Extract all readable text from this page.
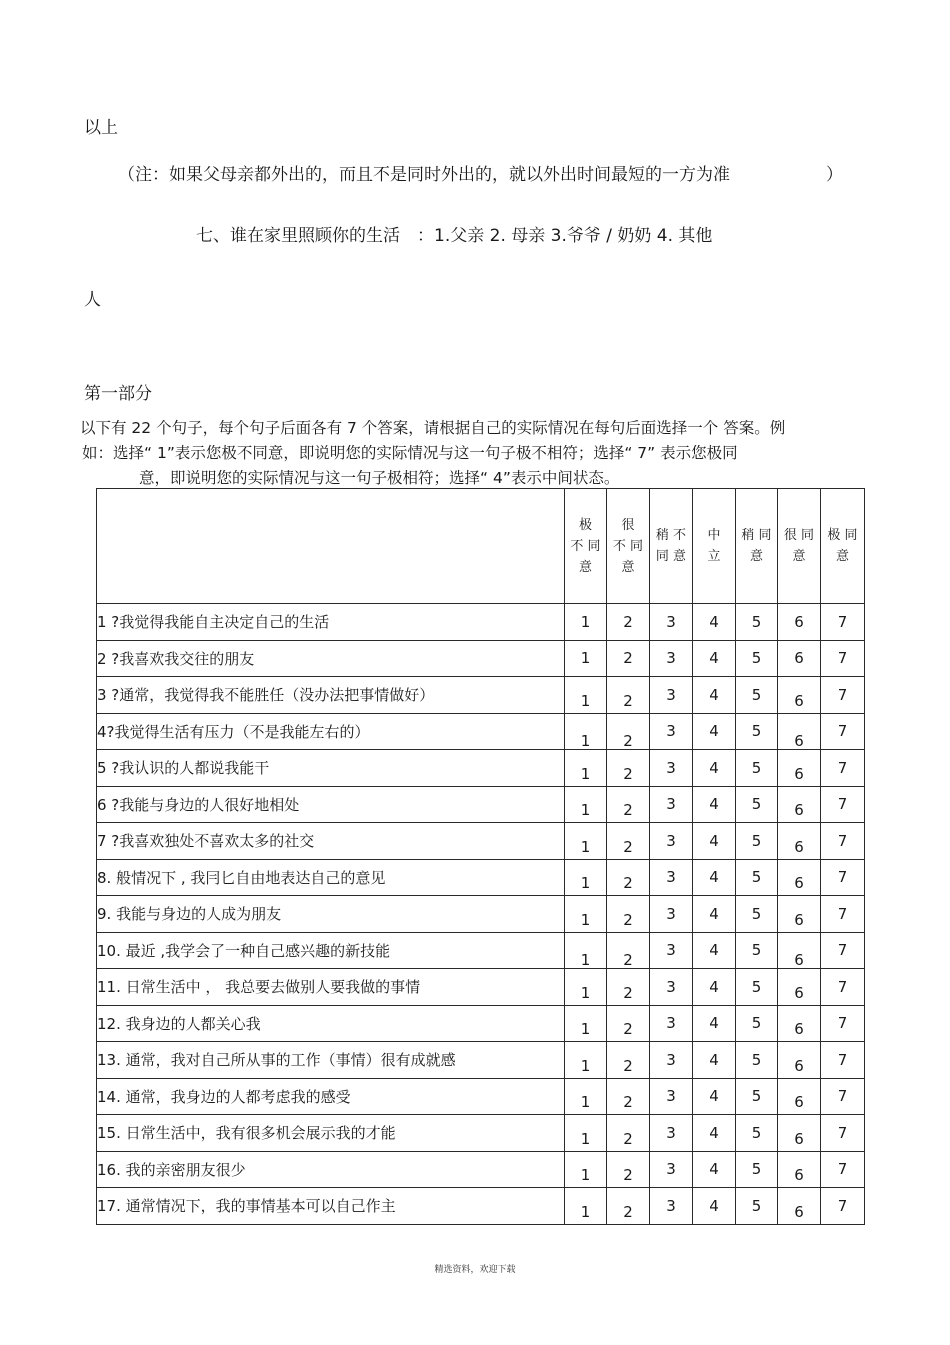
以上
（注：如果父母亲都外出的，而且不是同时外出的，就以外出时间最短的一方为准	）
七、谁在家里照顾你的生活　：1.父亲 2. 母亲 3.爷爷 / 奶奶 4. 其他
人
第一部分
以下有 22 个句子，每个句子后面各有 7 个答案，请根据自己的实际情况在每句后面选择一个 答案。例
如：选择“ 1”表示您极不同意，即说明您的实际情况与这一句子极不相符；选择“ 7” 表示您极同
意，即说明您的实际情况与这一句子极相符；选择“ 4”表示中间状态。
	极
不 同
意	很
不 同
意	稍 不
同 意	中
立	稍 同
意	很 同
意	极 同
意
1 ?我觉得我能自主决定自己的生活	1	2	3	4	5	6	7
2 ?我喜欢我交往的朋友	1	2	3	4	5	6	7
3 ?通常，我觉得我不能胜任（没办法把事情做好）	1	2	3	4	5	6	7
4?我觉得生活有压力（不是我能左右的）	1	2	3	4	5	6	7
5 ?我认识的人都说我能干	1	2	3	4	5	6	7
6 ?我能与身边的人很好地相处	1	2	3	4	5	6	7
7 ?我喜欢独处不喜欢太多的社交	1	2	3	4	5	6	7
8. 般情况下 , 我冃匕自由地表达自己的意见	1	2	3	4	5	6	7
9. 我能与身边的人成为朋友	1	2	3	4	5	6	7
10. 最近 ,我学会了一种自己感兴趣的新技能	1	2	3	4	5	6	7
11. 日常生活中 ， 我总要去做别人要我做的事情	1	2	3	4	5	6	7
12. 我身边的人都关心我	1	2	3	4	5	6	7
13. 通常，我对自己所从事的工作（事情）很有成就感	1	2	3	4	5	6	7
14. 通常，我身边的人都考虑我的感受	1	2	3	4	5	6	7
15. 日常生活中，我有很多机会展示我的才能	1	2	3	4	5	6	7
16. 我的亲密朋友很少	1	2	3	4	5	6	7
17. 通常情况下，我的事情基本可以自己作主	1	2	3	4	5	6	7
精选资料，欢迎下载
